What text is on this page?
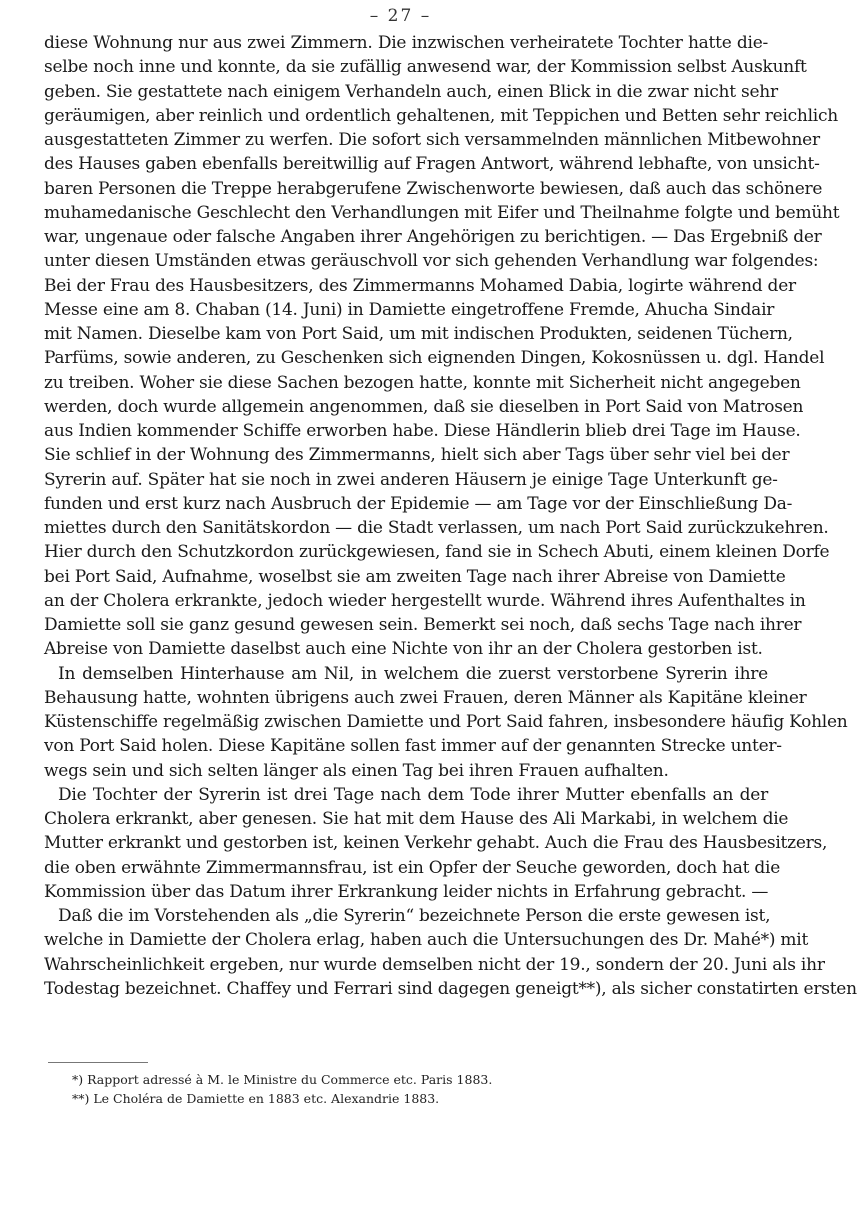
– 27 –
diese Wohnung nur aus zwei Zimmern. Die inzwischen verheiratete Tochter hatte die-
selbe noch inne und konnte, da sie zufällig anwesend war, der Kommission selbst Auskunft
geben. Sie gestattete nach einigem Verhandeln auch, einen Blick in die zwar nicht sehr
geräumigen, aber reinlich und ordentlich gehaltenen, mit Teppichen und Betten sehr reichlich
ausgestatteten Zimmer zu werfen. Die sofort sich versammelnden männlichen Mitbewohner
des Hauses gaben ebenfalls bereitwillig auf Fragen Antwort, während lebhafte, von unsicht-
baren Personen die Treppe herabgerufene Zwischenworte bewiesen, daß auch das schönere
muhamedanische Geschlecht den Verhandlungen mit Eifer und Theilnahme folgte und bemüht
war, ungenaue oder falsche Angaben ihrer Angehörigen zu berichtigen. — Das Ergebniß der
unter diesen Umständen etwas geräuschvoll vor sich gehenden Verhandlung war folgendes:
Bei der Frau des Hausbesitzers, des Zimmermanns Mohamed Dabia, logirte während der
Messe eine am 8. Chaban (14. Juni) in Damiette eingetroffene Fremde, Ahucha Sindair
mit Namen. Dieselbe kam von Port Said, um mit indischen Produkten, seidenen Tüchern,
Parfüms, sowie anderen, zu Geschenken sich eignenden Dingen, Kokosnüssen u. dgl. Handel
zu treiben. Woher sie diese Sachen bezogen hatte, konnte mit Sicherheit nicht angegeben
werden, doch wurde allgemein angenommen, daß sie dieselben in Port Said von Matrosen
aus Indien kommender Schiffe erworben habe. Diese Händlerin blieb drei Tage im Hause.
Sie schlief in der Wohnung des Zimmermanns, hielt sich aber Tags über sehr viel bei der
Syrerin auf. Später hat sie noch in zwei anderen Häusern je einige Tage Unterkunft ge-
funden und erst kurz nach Ausbruch der Epidemie — am Tage vor der Einschließung Da-
miettes durch den Sanitätskordon — die Stadt verlassen, um nach Port Said zurückzukehren.
Hier durch den Schutzkordon zurückgewiesen, fand sie in Schech Abuti, einem kleinen Dorfe
bei Port Said, Aufnahme, woselbst sie am zweiten Tage nach ihrer Abreise von Damiette
an der Cholera erkrankte, jedoch wieder hergestellt wurde. Während ihres Aufenthaltes in
Damiette soll sie ganz gesund gewesen sein. Bemerkt sei noch, daß sechs Tage nach ihrer
Abreise von Damiette daselbst auch eine Nichte von ihr an der Cholera gestorben ist.
In demselben Hinterhause am Nil, in welchem die zuerst verstorbene Syrerin ihre
Behausung hatte, wohnten übrigens auch zwei Frauen, deren Männer als Kapitäne kleiner
Küstenschiffe regelmäßig zwischen Damiette und Port Said fahren, insbesondere häufig Kohlen
von Port Said holen. Diese Kapitäne sollen fast immer auf der genannten Strecke unter-
wegs sein und sich selten länger als einen Tag bei ihren Frauen aufhalten.
Die Tochter der Syrerin ist drei Tage nach dem Tode ihrer Mutter ebenfalls an der
Cholera erkrankt, aber genesen. Sie hat mit dem Hause des Ali Markabi, in welchem die
Mutter erkrankt und gestorben ist, keinen Verkehr gehabt. Auch die Frau des Hausbesitzers,
die oben erwähnte Zimmermannsfrau, ist ein Opfer der Seuche geworden, doch hat die
Kommission über das Datum ihrer Erkrankung leider nichts in Erfahrung gebracht. —
Daß die im Vorstehenden als „die Syrerin“ bezeichnete Person die erste gewesen ist,
welche in Damiette der Cholera erlag, haben auch die Untersuchungen des Dr. Mahé*) mit
Wahrscheinlichkeit ergeben, nur wurde demselben nicht der 19., sondern der 20. Juni als ihr
Todestag bezeichnet. Chaffey und Ferrari sind dagegen geneigt**), als sicher constatirten ersten
*) Rapport adressé à M. le Ministre du Commerce etc. Paris 1883.
**) Le Choléra de Damiette en 1883 etc. Alexandrie 1883.
